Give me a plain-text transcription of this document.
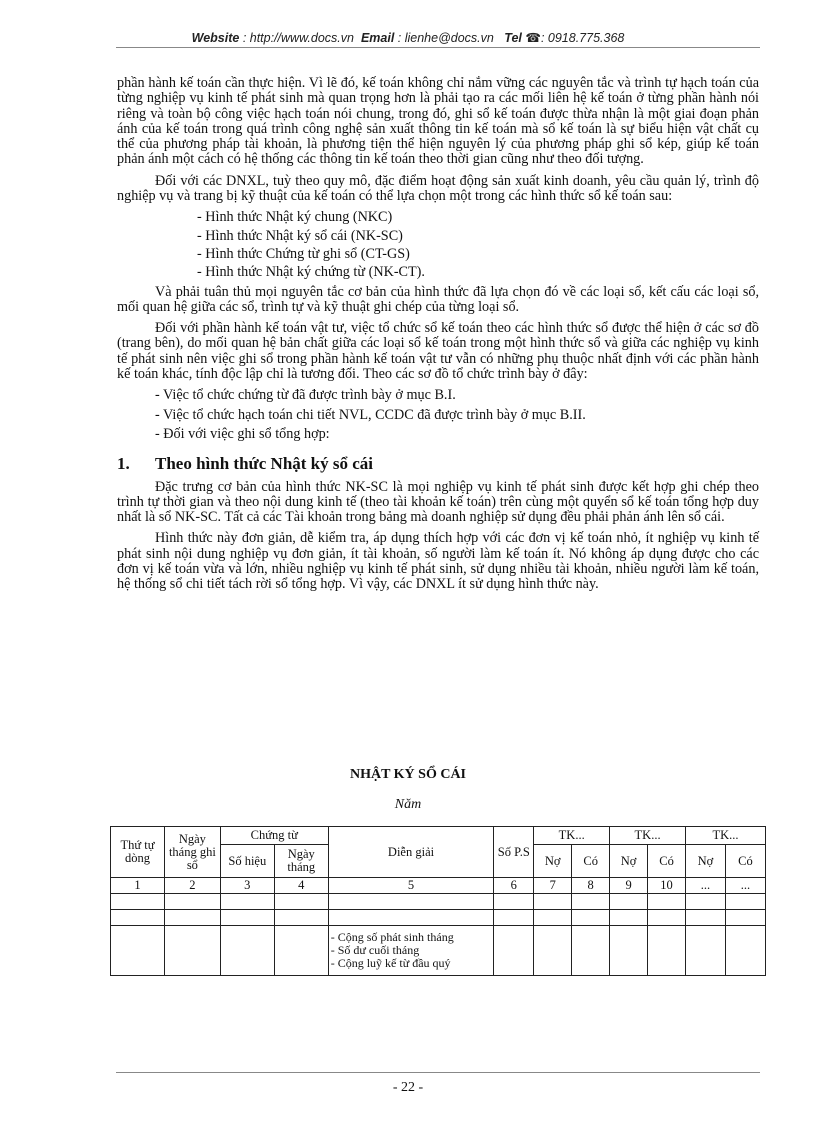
Website : http://www.docs.vn Email : lienhe@docs.vn Tel ☎: 0918.775.368

phần hành kế toán cần thực hiện. Vì lẽ đó, kế toán không chỉ nắm vững các nguyên tắc và trình tự hạch toán của từng nghiệp vụ kinh tế phát sinh mà quan trọng hơn là phải tạo ra các mối liên hệ kế toán ở từng phần hành nói riêng và toàn bộ công việc hạch toán nói chung, trong đó, ghi sổ kế toán được thừa nhận là một giai đoạn phản ánh của kế toán trong quá trình công nghệ sản xuất thông tin kế toán mà sổ kế toán là sự biểu hiện vật chất cụ thể của phương pháp tài khoản, là phương tiện thể hiện nguyên lý của phương pháp ghi sổ kép, giúp kế toán phản ánh một cách có hệ thống các thông tin kế toán theo thời gian cũng như theo đối tượng.

Đối với các DNXL, tuỳ theo quy mô, đặc điểm hoạt động sản xuất kinh doanh, yêu cầu quản lý, trình độ nghiệp vụ và trang bị kỹ thuật của kế toán có thể lựa chọn một trong các hình thức sổ kế toán sau:

- Hình thức Nhật ký chung (NKC)
- Hình thức Nhật ký sổ cái (NK-SC)
- Hình thức Chứng từ ghi sổ (CT-GS)
- Hình thức Nhật ký chứng từ (NK-CT).

Và phải tuân thủ mọi nguyên tắc cơ bản của hình thức đã lựa chọn đó về các loại sổ, kết cấu các loại sổ, mối quan hệ giữa các sổ, trình tự và kỹ thuật ghi chép của từng loại sổ.

Đối với phần hành kế toán vật tư, việc tổ chức sổ kế toán theo các hình thức sổ được thể hiện ở các sơ đồ (trang bên), do mối quan hệ bản chất giữa các loại sổ kế toán trong một hình thức sổ và giữa các nghiệp vụ kinh tế phát sinh nên việc ghi sổ trong phần hành kế toán vật tư vẫn có những phụ thuộc nhất định với các phần hành kế toán khác, tính độc lập chỉ là tương đối. Theo các sơ đồ tổ chức trình bày ở đây:

- Việc tổ chức chứng từ đã được trình bày ở mục B.I.
- Việc tổ chức hạch toán chi tiết NVL, CCDC đã được trình bày ở mục B.II.
- Đối với việc ghi sổ tổng hợp:
1. Theo hình thức Nhật ký sổ cái

Đặc trưng cơ bản của hình thức NK-SC là mọi nghiệp vụ kinh tế phát sinh được kết hợp ghi chép theo trình tự thời gian và theo nội dung kinh tế (theo tài khoản kế toán) trên cùng một quyển sổ kế toán tổng hợp duy nhất là sổ NK-SC. Tất cả các Tài khoản trong bảng mà doanh nghiệp sử dụng đều phải phản ánh lên sổ cái.

Hình thức này đơn giản, dễ kiểm tra, áp dụng thích hợp với các đơn vị kế toán nhỏ, ít nghiệp vụ kinh tế phát sinh nội dung nghiệp vụ đơn giản, ít tài khoản, số người làm kế toán ít. Nó không áp dụng được cho các đơn vị kế toán vừa và lớn, nhiều nghiệp vụ kinh tế phát sinh, sử dụng nhiều tài khoản, nhiều người làm kế toán, hệ thống sổ chi tiết tách rời sổ tổng hợp. Vì vậy, các DNXL ít sử dụng hình thức này.

NHẬT KÝ SỔ CÁI
Năm
Thứ tự dòng	Ngày tháng ghi sổ	Chứng từ		Diễn giải	Số P.S	TK...		TK...		TK...	
		Số hiệu	Ngày tháng			Nợ	Có	Nợ	Có	Nợ	Có
1	2	3	4	5	6	7	8	9	10	...	...

				- Cộng số phát sinh tháng
- Số dư cuối tháng
- Cộng luỹ kế từ đầu quý							

- 22 -
